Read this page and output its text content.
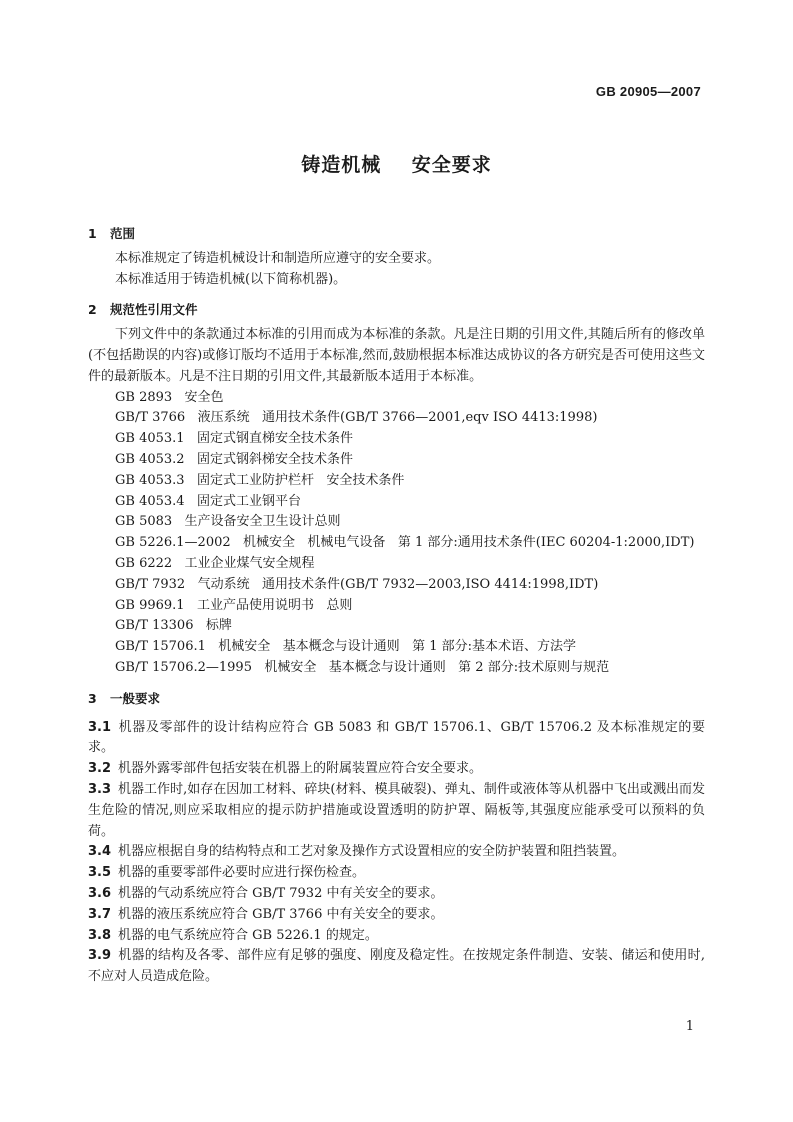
GB 20905—2007
铸造机械    安全要求
1 范围

本标准规定了铸造机械设计和制造所应遵守的安全要求。

本标准适用于铸造机械(以下简称机器)。

2 规范性引用文件

下列文件中的条款通过本标准的引用而成为本标准的条款。凡是注日期的引用文件,其随后所有的修改单(不包括勘误的内容)或修订版均不适用于本标准,然而,鼓励根据本标准达成协议的各方研究是否可使用这些文件的最新版本。凡是不注日期的引用文件,其最新版本适用于本标准。

GB 2893   安全色

GB/T 3766   液压系统   通用技术条件(GB/T 3766—2001,eqv ISO 4413:1998)

GB 4053.1   固定式钢直梯安全技术条件

GB 4053.2   固定式钢斜梯安全技术条件

GB 4053.3   固定式工业防护栏杆   安全技术条件

GB 4053.4   固定式工业钢平台

GB 5083   生产设备安全卫生设计总则

GB 5226.1—2002   机械安全   机械电气设备   第 1 部分:通用技术条件(IEC 60204-1:2000,IDT)

GB 6222   工业企业煤气安全规程

GB/T 7932   气动系统   通用技术条件(GB/T 7932—2003,ISO 4414:1998,IDT)

GB 9969.1   工业产品使用说明书   总则

GB/T 13306   标牌

GB/T 15706.1   机械安全   基本概念与设计通则   第 1 部分:基本术语、方法学

GB/T 15706.2—1995   机械安全   基本概念与设计通则   第 2 部分:技术原则与规范

3 一般要求

3.1 机器及零部件的设计结构应符合 GB 5083 和 GB/T 15706.1、GB/T 15706.2 及本标准规定的要求。

3.2 机器外露零部件包括安装在机器上的附属装置应符合安全要求。

3.3 机器工作时,如存在因加工材料、碎块(材料、模具破裂)、弹丸、制件或液体等从机器中飞出或溅出而发生危险的情况,则应采取相应的提示防护措施或设置透明的防护罩、隔板等,其强度应能承受可以预料的负荷。

3.4 机器应根据自身的结构特点和工艺对象及操作方式设置相应的安全防护装置和阻挡装置。

3.5 机器的重要零部件必要时应进行探伤检查。

3.6 机器的气动系统应符合 GB/T 7932 中有关安全的要求。

3.7 机器的液压系统应符合 GB/T 3766 中有关安全的要求。

3.8 机器的电气系统应符合 GB 5226.1 的规定。

3.9 机器的结构及各零、部件应有足够的强度、刚度及稳定性。在按规定条件制造、安装、储运和使用时,不应对人员造成危险。

1
